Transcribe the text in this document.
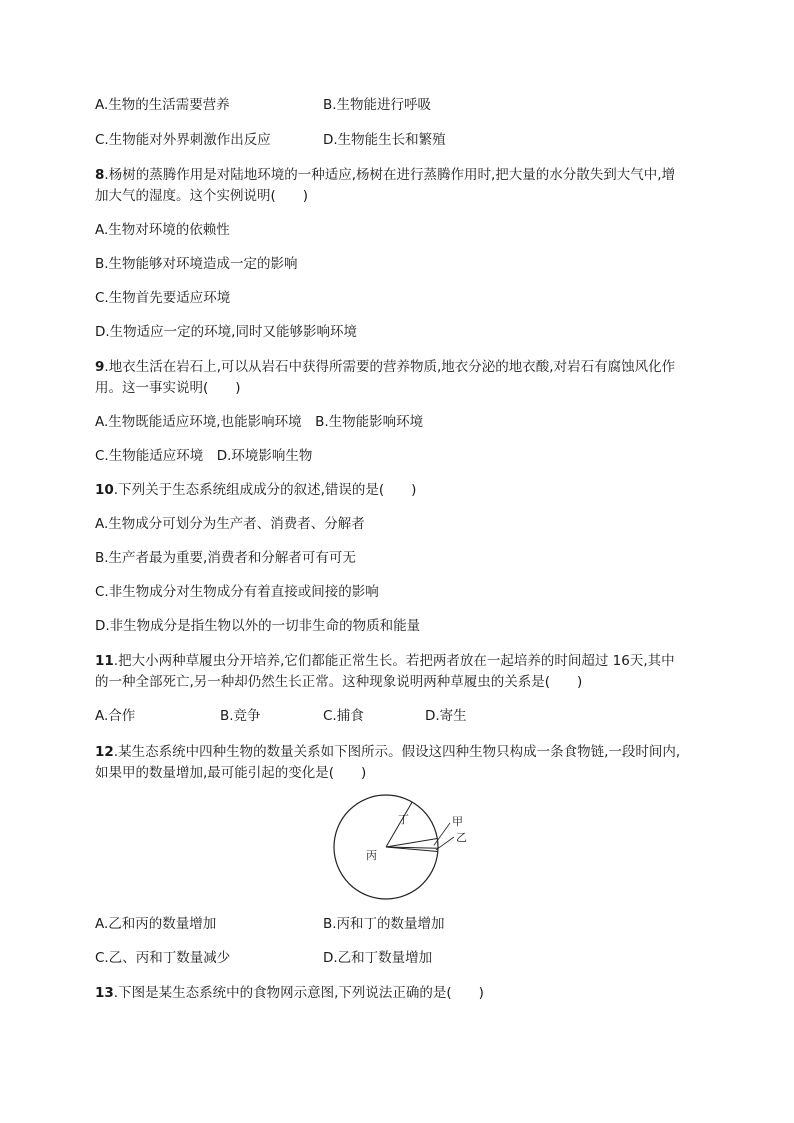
A.生物的生活需要营养	B.生物能进行呼吸
C.生物能对外界刺激作出反应	D.生物能生长和繁殖
8.杨树的蒸腾作用是对陆地环境的一种适应,杨树在进行蒸腾作用时,把大量的水分散失到大气中,增
加大气的湿度。这个实例说明(　　)
A.生物对环境的依赖性
B.生物能够对环境造成一定的影响
C.生物首先要适应环境
D.生物适应一定的环境,同时又能够影响环境
9.地衣生活在岩石上,可以从岩石中获得所需要的营养物质,地衣分泌的地衣酸,对岩石有腐蚀风化作
用。这一事实说明(　　)
A.生物既能适应环境,也能影响环境　B.生物能影响环境
C.生物能适应环境　D.环境影响生物
10.下列关于生态系统组成成分的叙述,错误的是(　　)
A.生物成分可划分为生产者、消费者、分解者
B.生产者最为重要,消费者和分解者可有可无
C.非生物成分对生物成分有着直接或间接的影响
D.非生物成分是指生物以外的一切非生命的物质和能量
11.把大小两种草履虫分开培养,它们都能正常生长。若把两者放在一起培养的时间超过 16天,其中
的一种全部死亡,另一种却仍然生长正常。这种现象说明两种草履虫的关系是(　　)
A.合作	B.竞争	C.捕食	D.寄生
12.某生态系统中四种生物的数量关系如下图所示。假设这四种生物只构成一条食物链,一段时间内,
如果甲的数量增加,最可能引起的变化是(　　)
丙
丁	甲
乙
A.乙和丙的数量增加	B.丙和丁的数量增加
C.乙、丙和丁数量减少	D.乙和丁数量增加
13.下图是某生态系统中的食物网示意图,下列说法正确的是(　　)
